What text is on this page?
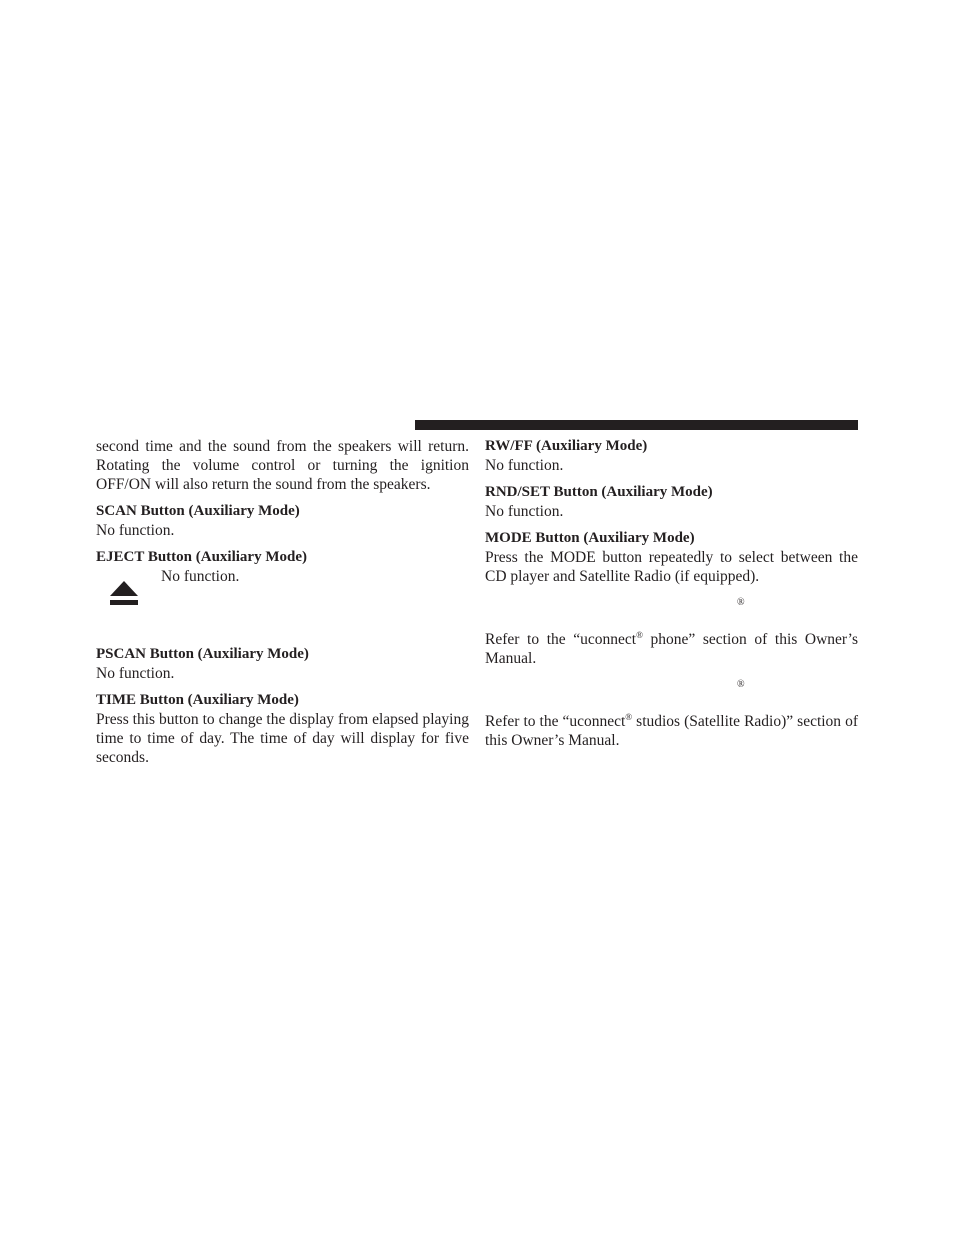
second time and the sound from the speakers will return. Rotating the volume control or turning the ignition OFF/ON will also return the sound from the speakers.

SCAN Button (Auxiliary Mode)

No function.

EJECT Button (Auxiliary Mode)

No function.

PSCAN Button (Auxiliary Mode)

No function.

TIME Button (Auxiliary Mode)

Press this button to change the display from elapsed playing time to time of day. The time of day will display for five seconds.

RW/FF (Auxiliary Mode)

No function.

RND/SET Button (Auxiliary Mode)

No function.

MODE Button (Auxiliary Mode)

Press the MODE button repeatedly to select between the CD player and Satellite Radio (if equipped).

®

Refer to the “uconnect® phone” section of this Owner’s Manual.

®

Refer to the “uconnect® studios (Satellite Radio)” section of this Owner’s Manual.
